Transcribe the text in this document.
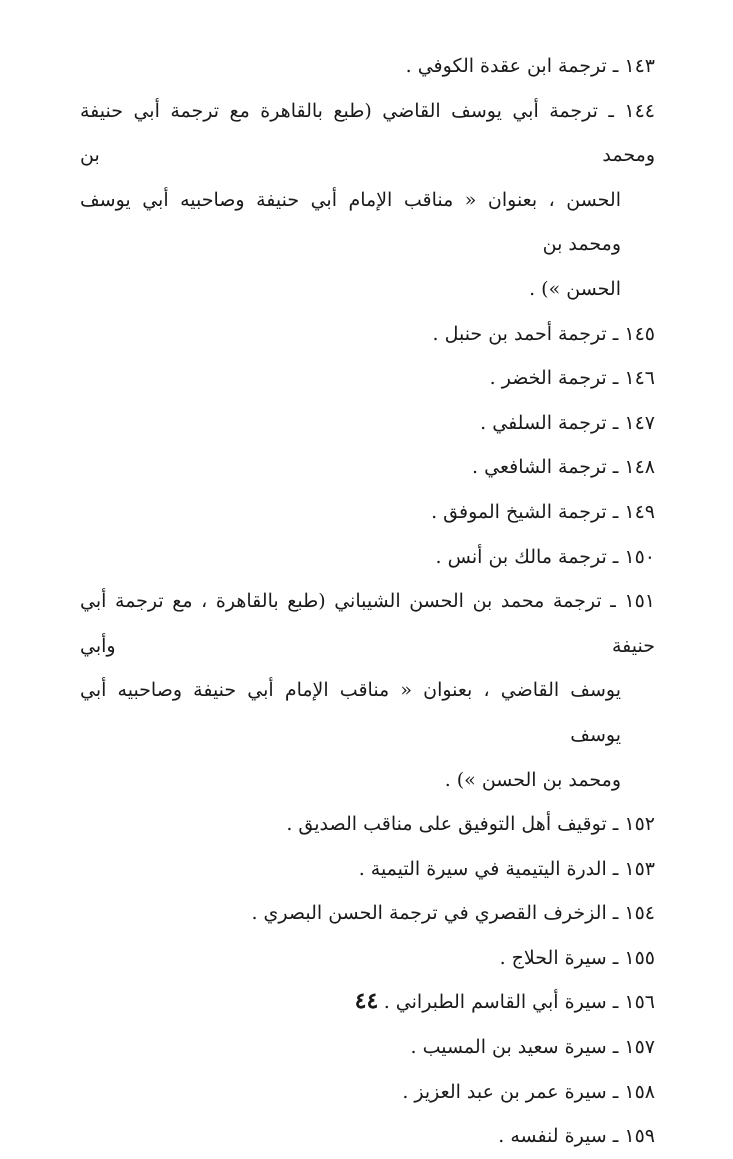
١٤٣ ـ ترجمة ابن عقدة الكوفي .

١٤٤ ـ ترجمة أبي يوسف القاضي (طبع بالقاهرة مع ترجمة أبي حنيفة ومحمد بن
الحسن ، بعنوان « مناقب الإمام أبي حنيفة وصاحبيه أبي يوسف ومحمد بن
الحسن ») .

١٤٥ ـ ترجمة أحمد بن حنبل .

١٤٦ ـ ترجمة الخضر .

١٤٧ ـ ترجمة السلفي .

١٤٨ ـ ترجمة الشافعي .

١٤٩ ـ ترجمة الشيخ الموفق .

١٥٠ ـ ترجمة مالك بن أنس .

١٥١ ـ ترجمة محمد بن الحسن الشيباني (طبع بالقاهرة ، مع ترجمة أبي حنيفة وأبي
يوسف القاضي ، بعنوان « مناقب الإمام أبي حنيفة وصاحبيه أبي يوسف
ومحمد بن الحسن ») .

١٥٢ ـ توقيف أهل التوفيق على مناقب الصديق .

١٥٣ ـ الدرة اليتيمية في سيرة التيمية .

١٥٤ ـ الزخرف القصري في ترجمة الحسن البصري .

١٥٥ ـ سيرة الحلاج .

١٥٦ ـ سيرة أبي القاسم الطبراني .

١٥٧ ـ سيرة سعيد بن المسيب .

١٥٨ ـ سيرة عمر بن عبد العزيز .

١٥٩ ـ سيرة لنفسه .

٤٤
